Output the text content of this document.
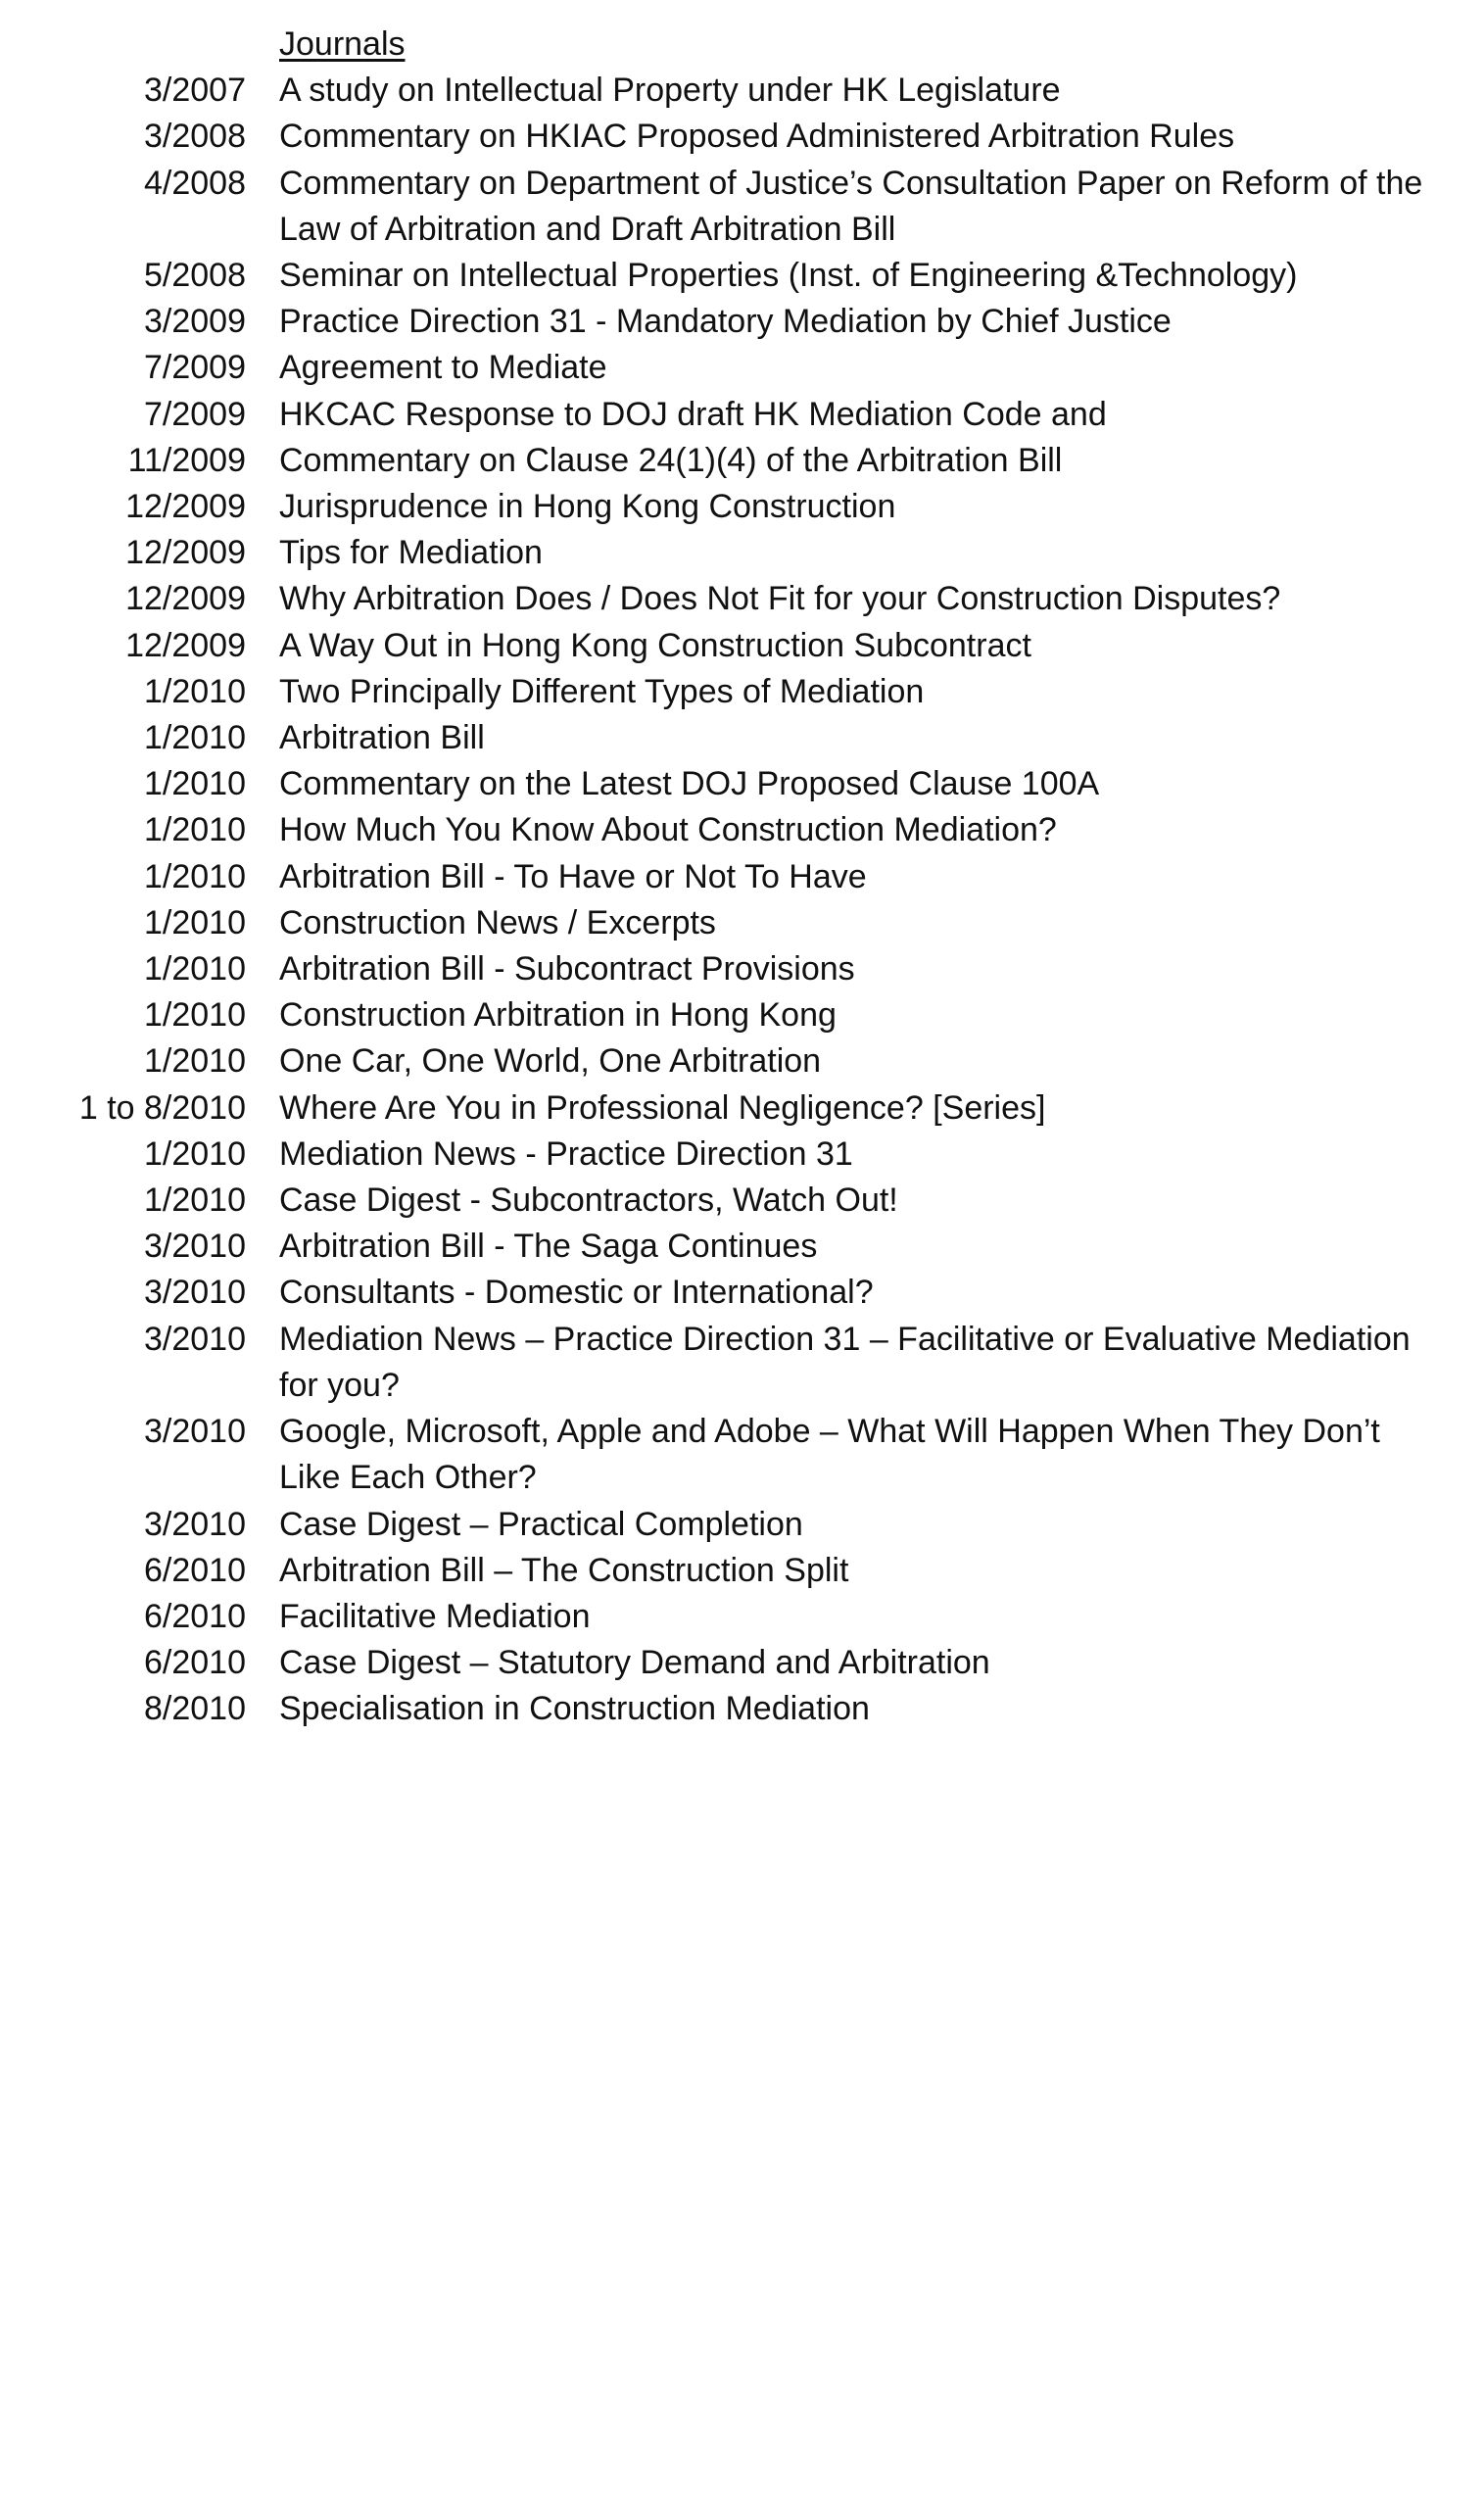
Journals
3/2007 A study on Intellectual Property under HK Legislature
3/2008 Commentary on HKIAC Proposed Administered Arbitration Rules
4/2008 Commentary on Department of Justice’s Consultation Paper on Reform of the Law of Arbitration and Draft Arbitration Bill
5/2008 Seminar on Intellectual Properties (Inst. of Engineering &Technology)
3/2009 Practice Direction 31 - Mandatory Mediation by Chief Justice
7/2009 Agreement to Mediate
7/2009 HKCAC Response to DOJ draft HK Mediation Code and
11/2009 Commentary on Clause 24(1)(4) of the Arbitration Bill
12/2009 Jurisprudence in Hong Kong Construction
12/2009 Tips for Mediation
12/2009 Why Arbitration Does / Does Not Fit for your Construction Disputes?
12/2009 A Way Out in Hong Kong Construction Subcontract
1/2010 Two Principally Different Types of Mediation
1/2010 Arbitration Bill
1/2010 Commentary on the Latest DOJ Proposed Clause 100A
1/2010 How Much You Know About Construction Mediation?
1/2010 Arbitration Bill - To Have or Not To Have
1/2010 Construction News / Excerpts
1/2010 Arbitration Bill - Subcontract Provisions
1/2010 Construction Arbitration in Hong Kong
1/2010 One Car, One World, One Arbitration
1 to 8/2010 Where Are You in Professional Negligence? [Series]
1/2010 Mediation News - Practice Direction 31
1/2010 Case Digest - Subcontractors, Watch Out!
3/2010 Arbitration Bill - The Saga Continues
3/2010 Consultants - Domestic or International?
3/2010 Mediation News – Practice Direction 31 – Facilitative or Evaluative Mediation for you?
3/2010 Google, Microsoft, Apple and Adobe – What Will Happen When They Don’t Like Each Other?
3/2010 Case Digest – Practical Completion
6/2010 Arbitration Bill – The Construction Split
6/2010 Facilitative Mediation
6/2010 Case Digest – Statutory Demand and Arbitration
8/2010 Specialisation in Construction Mediation
